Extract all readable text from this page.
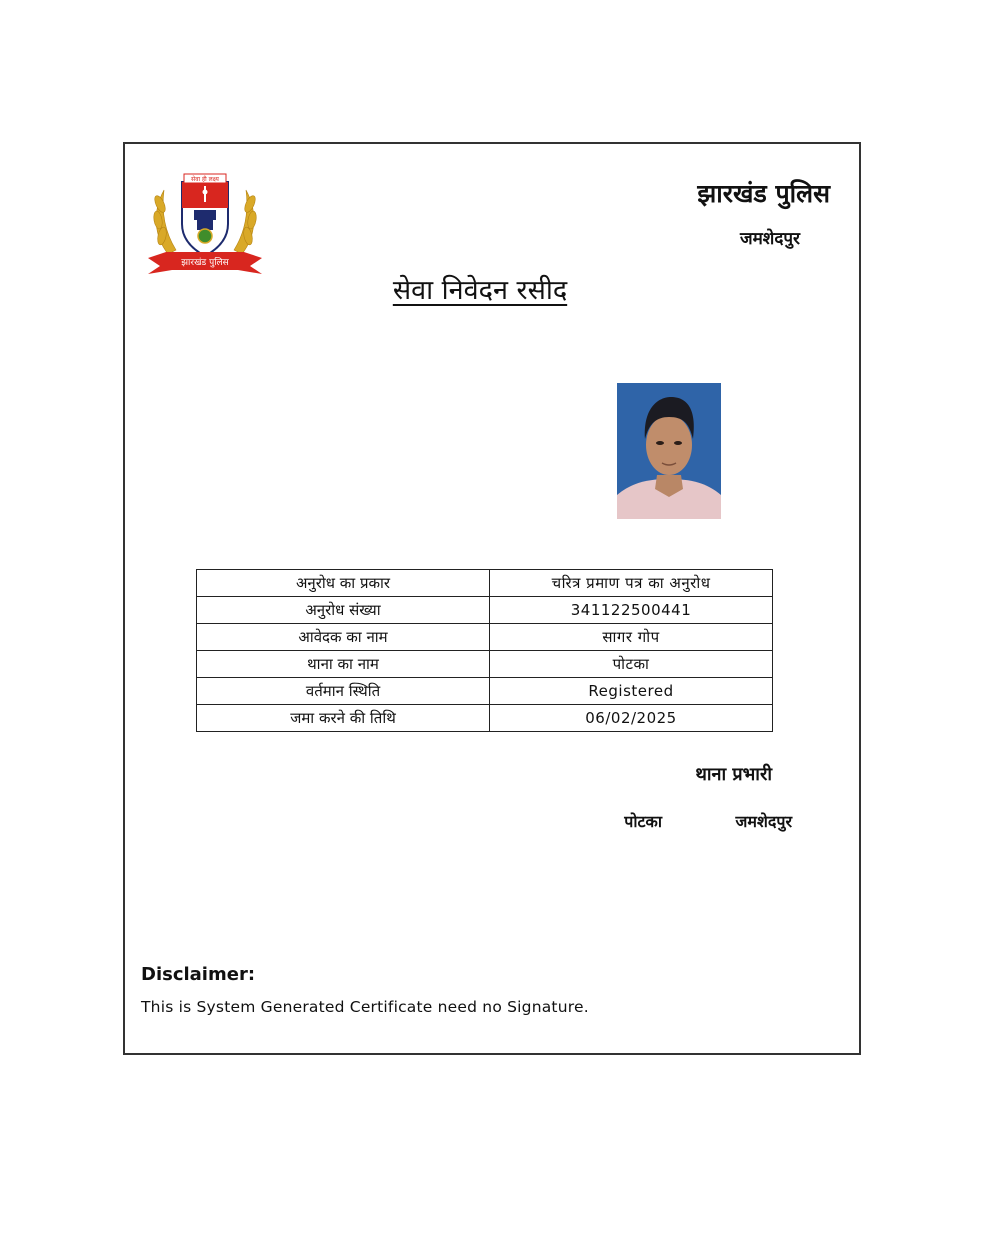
झारखंड पुलिस
सेवा ही लक्ष्य	झारखंड पुलिस
जमशेदपुर
सेवा निवेदन रसीद
अनुरोध का प्रकार	चरित्र प्रमाण पत्र का अनुरोध
अनुरोध संख्या	341122500441
आवेदक का नाम	सागर गोप
थाना का नाम	पोटका
वर्तमान स्थिति	Registered
जमा करने की तिथि	06/02/2025
थाना प्रभारी
पोटका	जमशेदपुर
Disclaimer:
This is System Generated Certificate need no Signature.
